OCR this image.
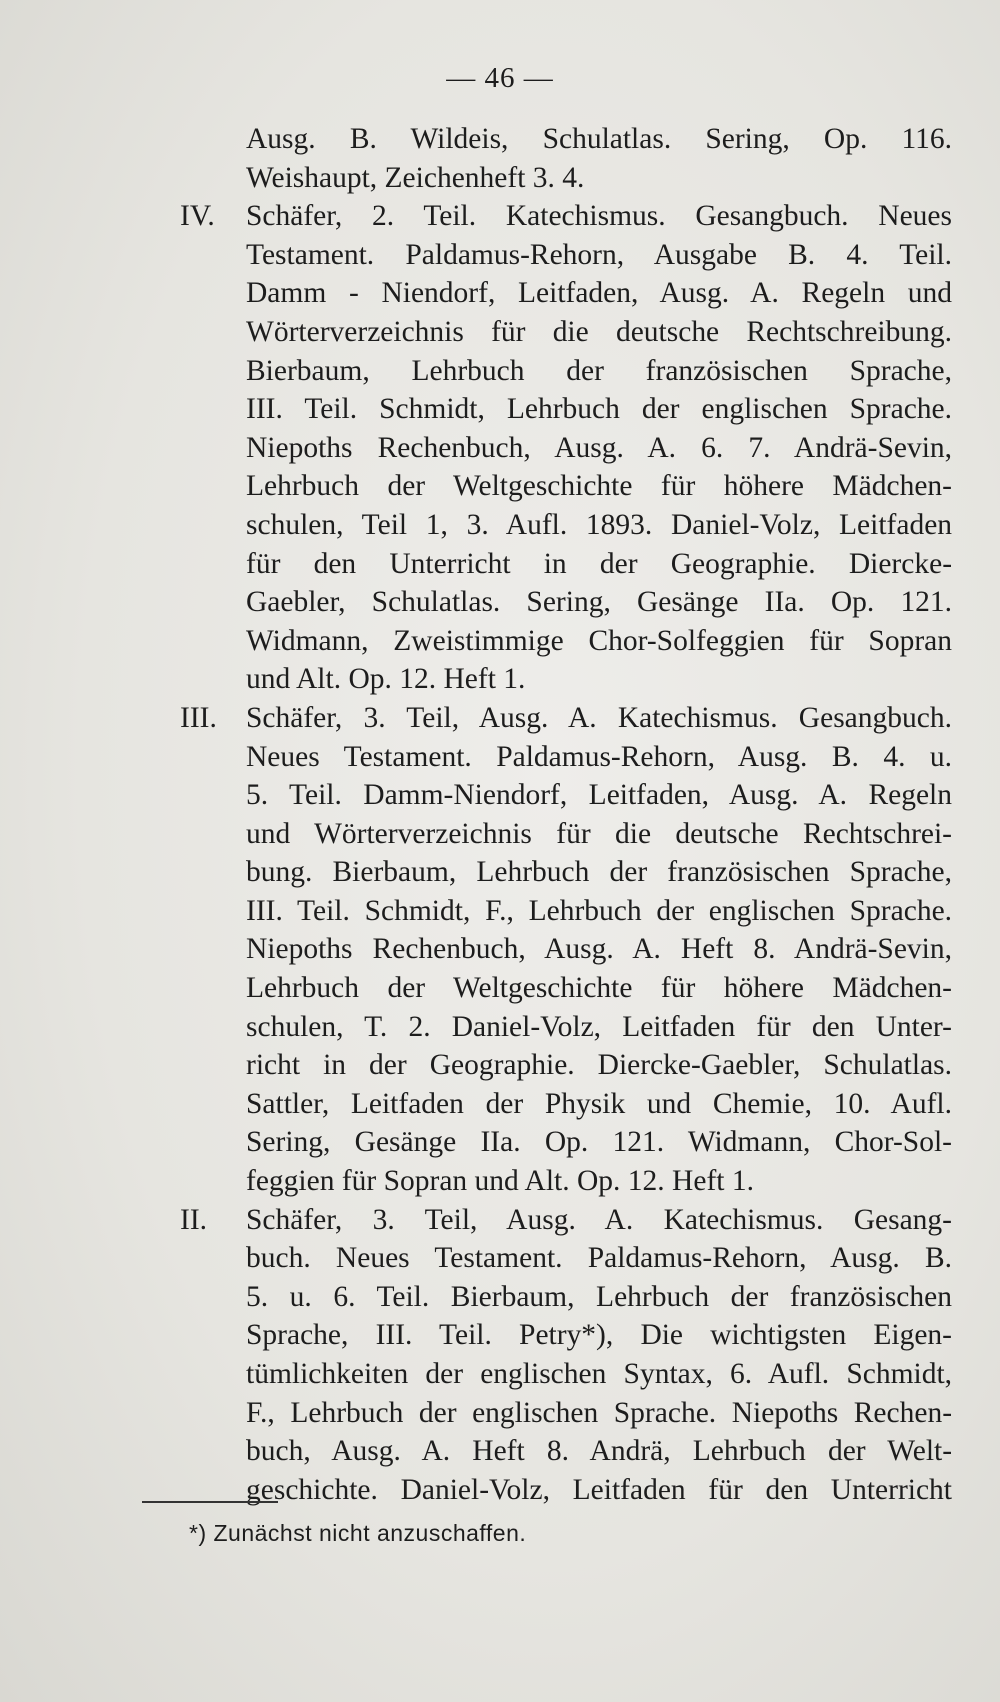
— 46 —
Ausg. B. Wildeis, Schulatlas. Sering, Op. 116.
Weishaupt, Zeichenheft 3. 4.
IV.	Schäfer, 2. Teil. Katechismus. Gesangbuch. Neues
Testament. Paldamus-Rehorn, Ausgabe B. 4. Teil.
Damm - Niendorf, Leitfaden, Ausg. A. Regeln und
Wörterverzeichnis für die deutsche Rechtschreibung.
Bierbaum, Lehrbuch der französischen Sprache,
III. Teil. Schmidt, Lehrbuch der englischen Sprache.
Niepoths Rechenbuch, Ausg. A. 6. 7. Andrä-Sevin,
Lehrbuch der Weltgeschichte für höhere Mädchen-
schulen, Teil 1, 3. Aufl. 1893. Daniel-Volz, Leitfaden
für den Unterricht in der Geographie. Diercke-
Gaebler, Schulatlas. Sering, Gesänge IIa. Op. 121.
Widmann, Zweistimmige Chor-Solfeggien für Sopran
und Alt. Op. 12. Heft 1.
III. Schäfer, 3. Teil, Ausg. A. Katechismus. Gesangbuch.
Neues Testament. Paldamus-Rehorn, Ausg. B. 4. u.
5. Teil. Damm-Niendorf, Leitfaden, Ausg. A. Regeln
und Wörterverzeichnis für die deutsche Rechtschrei-
bung. Bierbaum, Lehrbuch der französischen Sprache,
III. Teil. Schmidt, F., Lehrbuch der englischen Sprache.
Niepoths Rechenbuch, Ausg. A. Heft 8. Andrä-Sevin,
Lehrbuch der Weltgeschichte für höhere Mädchen-
schulen, T. 2. Daniel-Volz, Leitfaden für den Unter-
richt in der Geographie. Diercke-Gaebler, Schulatlas.
Sattler, Leitfaden der Physik und Chemie, 10. Aufl.
Sering, Gesänge IIa. Op. 121. Widmann, Chor-Sol-
feggien für Sopran und Alt. Op. 12. Heft 1.
II.	Schäfer, 3. Teil, Ausg. A. Katechismus. Gesang-
buch. Neues Testament. Paldamus-Rehorn, Ausg. B.
5. u. 6. Teil. Bierbaum, Lehrbuch der französischen
Sprache, III. Teil. Petry*), Die wichtigsten Eigen-
tümlichkeiten der englischen Syntax, 6. Aufl. Schmidt,
F., Lehrbuch der englischen Sprache. Niepoths Rechen-
buch, Ausg. A. Heft 8. Andrä, Lehrbuch der Welt-
geschichte. Daniel-Volz, Leitfaden für den Unterricht
*) Zunächst nicht anzuschaffen.
